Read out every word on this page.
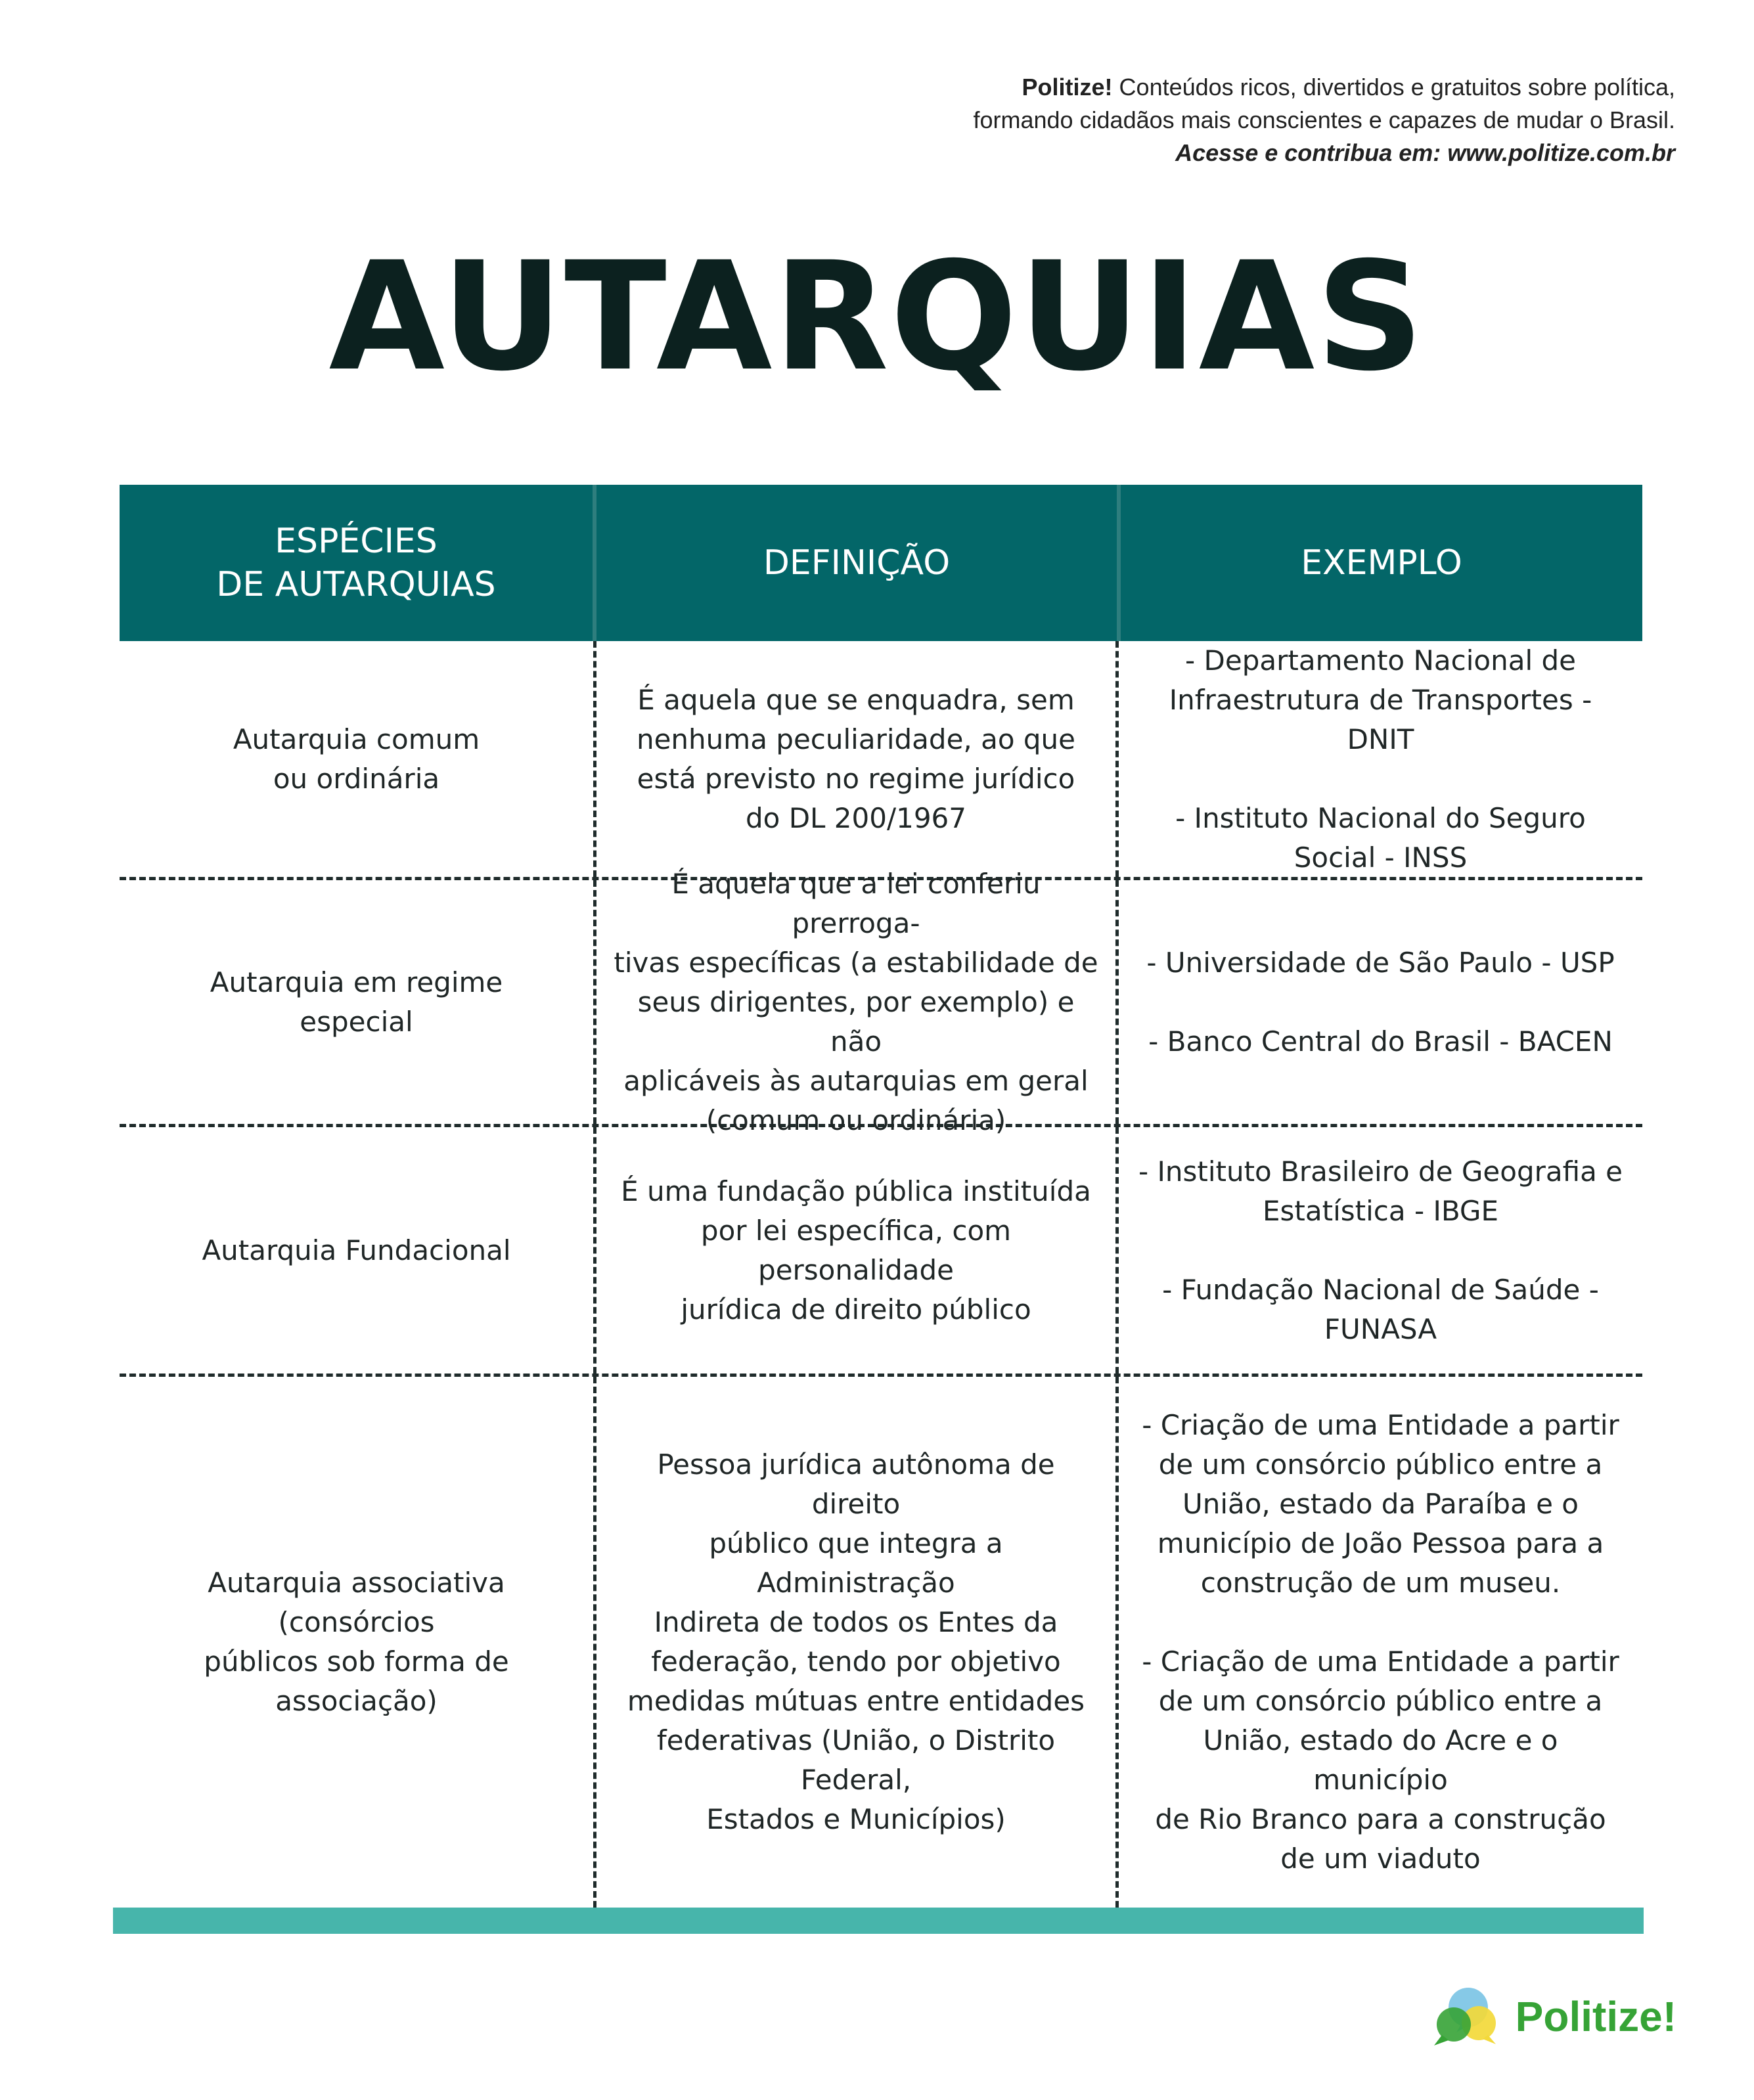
Politize! Conteúdos ricos, divertidos e gratuitos sobre política,
formando cidadãos mais conscientes e capazes de mudar o Brasil.
Acesse e contribua em: www.politize.com.br
AUTARQUIAS
ESPÉCIES
DE AUTARQUIAS
DEFINIÇÃO	EXEMPLO
Autarquia comum
ou ordinária
É aquela que se enquadra, sem
nenhuma peculiaridade, ao que
está previsto no regime jurídico
do DL 200/1967
- Departamento Nacional de
Infraestrutura de Transportes - DNIT
- Instituto Nacional do Seguro
Social - INSS
Autarquia em regime
especial
É aquela que a lei conferiu prerroga-
tivas específicas (a estabilidade de
seus dirigentes, por exemplo) e não
aplicáveis às autarquias em geral
(comum ou ordinária)
- Universidade de São Paulo - USP
- Banco Central do Brasil - BACEN
Autarquia Fundacional
É uma fundação pública instituída
por lei específica, com personalidade
jurídica de direito público
- Instituto Brasileiro de Geografia e
Estatística - IBGE
- Fundação Nacional de Saúde -
FUNASA
Autarquia associativa (consórcios
públicos sob forma de associação)
Pessoa jurídica autônoma de direito
público que integra a Administração
Indireta de todos os Entes da
federação, tendo por objetivo
medidas mútuas entre entidades
federativas (União, o Distrito Federal,
Estados e Municípios)
- Criação de uma Entidade a partir
de um consórcio público entre a
União, estado da Paraíba e o
município de João Pessoa para a
construção de um museu.
- Criação de uma Entidade a partir
de um consórcio público entre a
União, estado do Acre e o município
de Rio Branco para a construção
de um viaduto
Politize!
